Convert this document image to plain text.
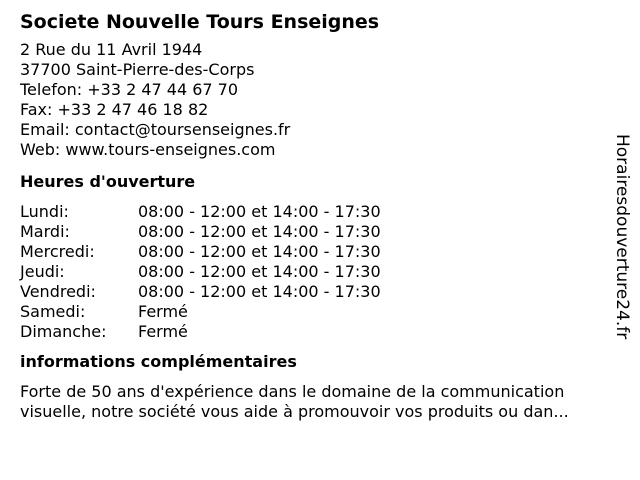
Societe Nouvelle Tours Enseignes
2 Rue du 11 Avril 1944
37700 Saint-Pierre-des-Corps
Telefon: +33 2 47 44 67 70
Fax: +33 2 47 46 18 82
Email: contact@toursenseignes.fr
Web: www.tours-enseignes.com
Heures d'ouverture
Lundi:	08:00 - 12:00 et 14:00 - 17:30
Mardi:	08:00 - 12:00 et 14:00 - 17:30
Mercredi:	08:00 - 12:00 et 14:00 - 17:30
Jeudi:	08:00 - 12:00 et 14:00 - 17:30
Vendredi:	08:00 - 12:00 et 14:00 - 17:30
Samedi:	Fermé
Dimanche:	Fermé
informations complémentaires
Forte de 50 ans d'expérience dans le domaine de la communication visuelle, notre société vous aide à promouvoir vos produits ou dan...
Horairesdouverture24.fr
